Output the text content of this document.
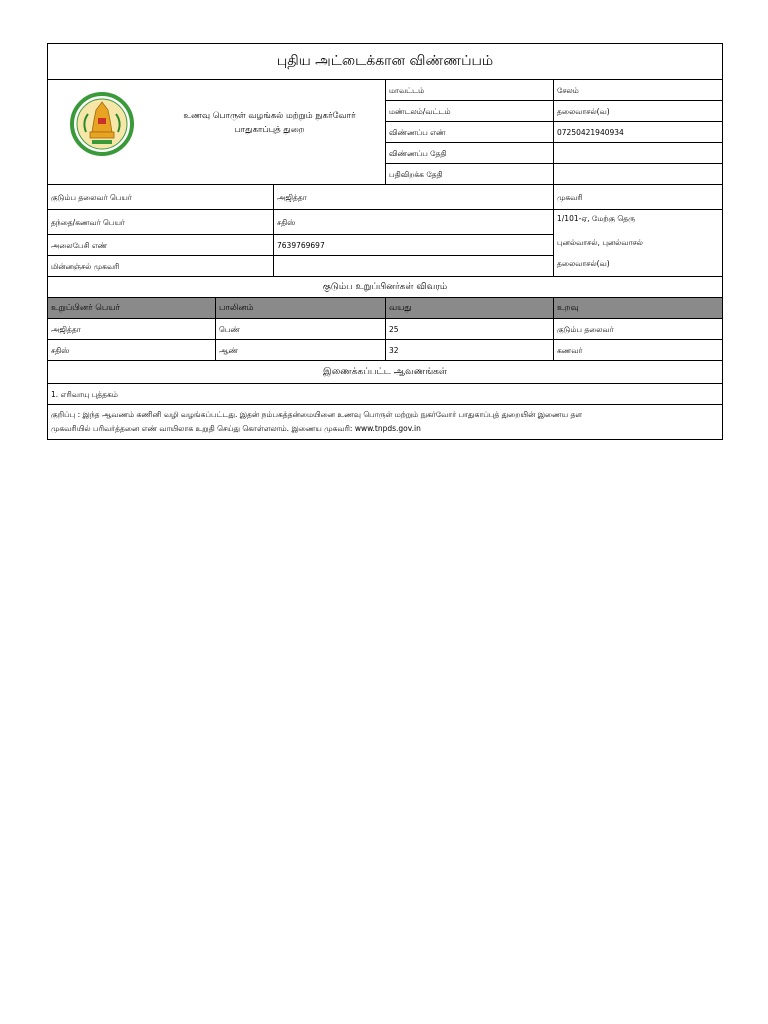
புதிய அட்டைக்கான விண்ணப்பம்				

உணவு பொருள் வழங்கல் மற்றும் நுகர்வோர்
பாதுகாப்புத் துறை			மாவட்டம்	சேலம்
			மண்டலம்/வட்டம்	தலைவாசல்(வ)
			விண்ணப்ப எண்	07250421940934
			விண்ணப்ப தேதி	
			பதிவிறக்க தேதி	
குடும்ப தலைவர் பெயர்		அஜித்தா		முகவரி
தந்தை/கணவர் பெயர்		சதிஸ்		1/101-ஏ, மேற்கு தெரு
புனல்வாசல், புனல்வாசல்
தலைவாசல்(வ)

அலைபேசி எண்		7639769697		
மின்னஞ்சல் முகவரி				
குடும்ப உறுப்பினர்கள் விவரம்				
உறுப்பினர் பெயர்	பாலினம்		வயது	உறவு
அஜித்தா	பெண்		25	குடும்ப தலைவர்
சதிஸ்	ஆண்		32	கணவர்
இணைக்கப்பட்ட ஆவணங்கள்				
1. எரிவாயு புத்தகம்				

குறிப்பு : இந்த ஆவணம் கணினி வழி வழங்கப்பட்டது. இதன் நம்பகத்தன்மையினை உணவு பொருள் மற்றும் நுகர்வோர் பாதுகாப்புத் துறையின் இணைய தள
முகவரியில் பரிவர்த்தனை எண் வாயிலாக உறுதி செய்து கொள்ளலாம். இணைய முகவரி: www.tnpds.gov.in				
